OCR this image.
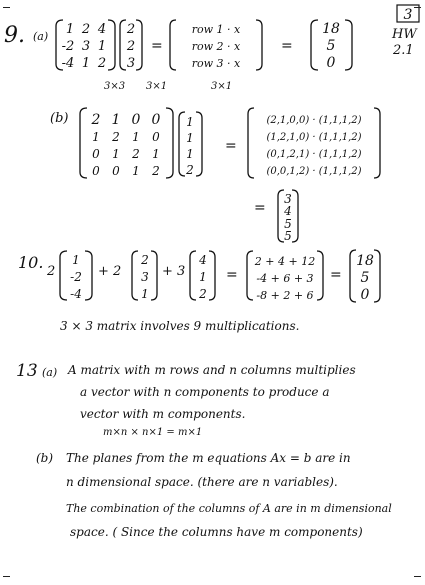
3
HW
2.1
9. (a) 1 2 4
-2 3 1
-4 1 2
2
2
3
=
row 1 · x
row 2 · x
row 3 · x
=
18
5
0
3×3 3×1	3×1
(b) 2 1 0 0
1 2 1 0
0 1 2 1
0 0 1 2
1
1
1
2
=
(2,1,0,0) · (1,1,1,2)
(1,2,1,0) · (1,1,1,2)
(0,1,2,1) · (1,1,1,2)
(0,0,1,2) · (1,1,1,2)
=
3
4
5
5
10. 2
1
-2
-4
+ 2
2
3
1
+ 3
4
1
2
=
2 + 4 + 12
-4 + 6 + 3
-8 + 2 + 6
=
18
5
0
3 × 3 matrix involves 9 multiplications.
13 (a) A matrix with m rows and n columns multiplies
a vector with n components to produce a
vector with m components.
m×n × n×1 = m×1
(b) The planes from the m equations Ax = b are in
n dimensional space. (there are n variables).
The combination of the columns of A are in m dimensional
space. ( Since the columns have m components)
